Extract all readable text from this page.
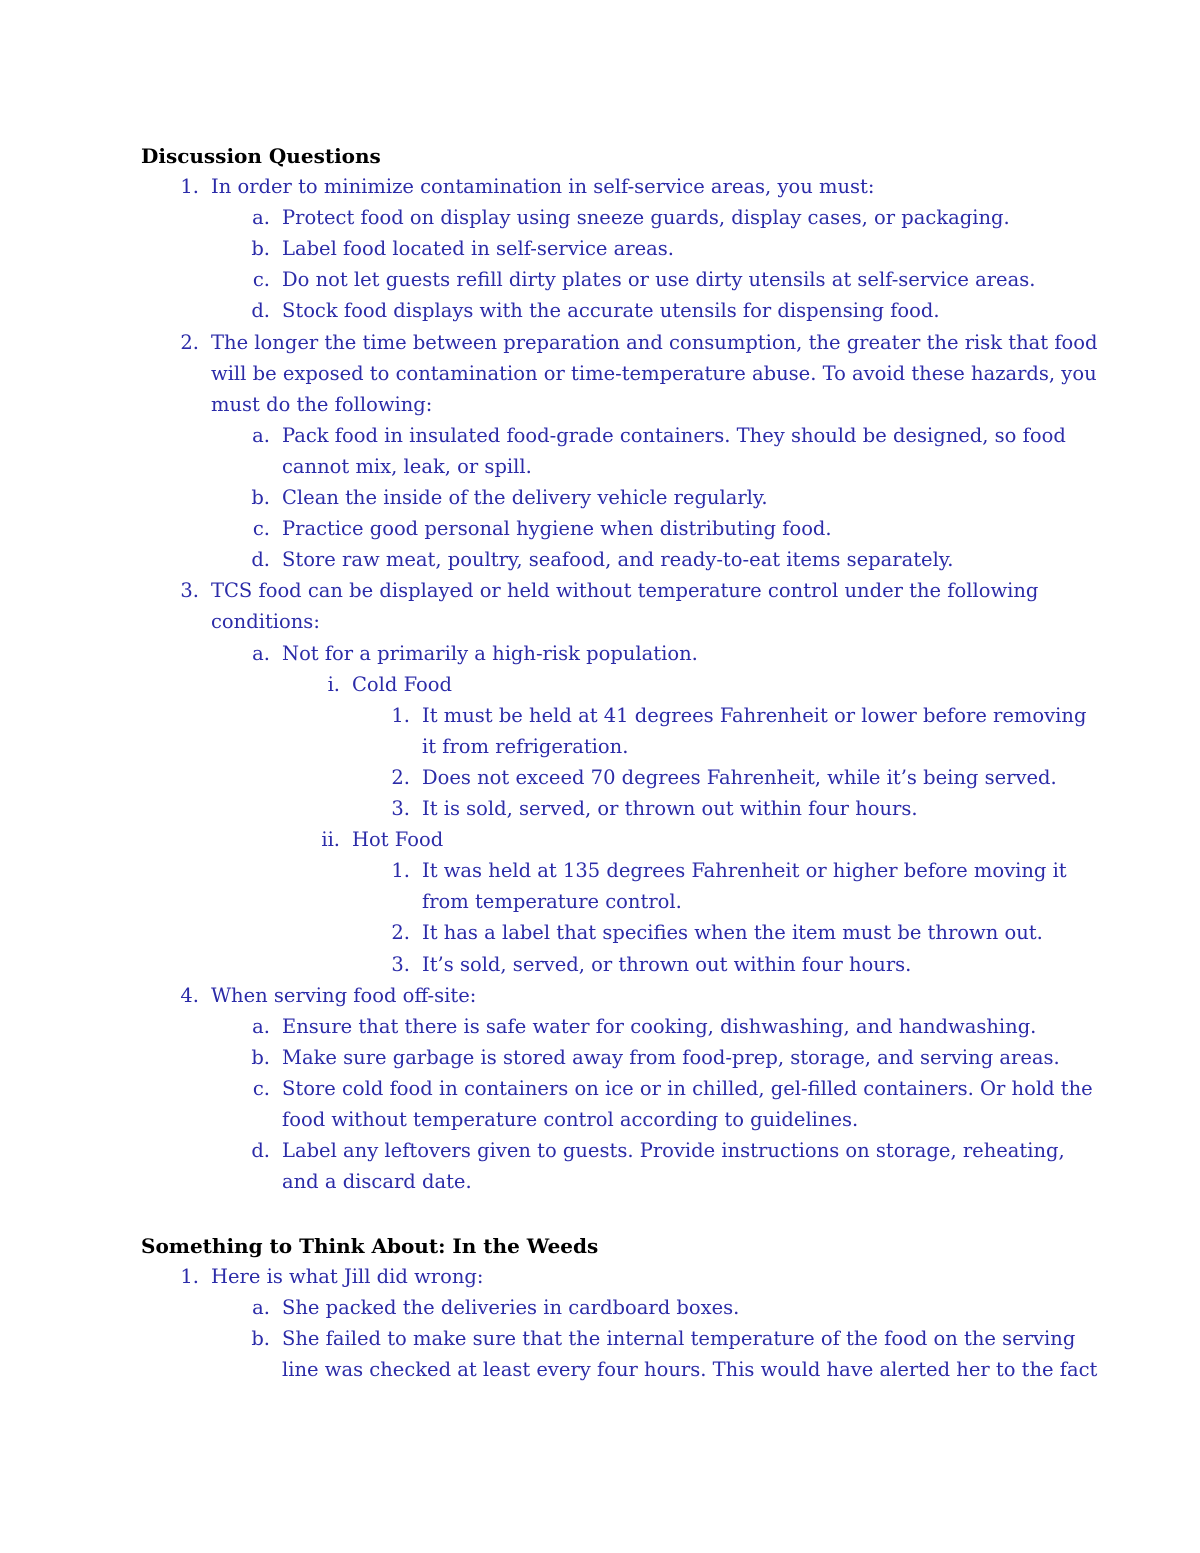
Discussion Questions
1. In order to minimize contamination in self-service areas, you must:
a. Protect food on display using sneeze guards, display cases, or packaging.
b. Label food located in self-service areas.
c. Do not let guests refill dirty plates or use dirty utensils at self-service areas.
d. Stock food displays with the accurate utensils for dispensing food.
2. The longer the time between preparation and consumption, the greater the risk that food
will be exposed to contamination or time-temperature abuse. To avoid these hazards, you
must do the following:
a. Pack food in insulated food-grade containers. They should be designed, so food
cannot mix, leak, or spill.
b. Clean the inside of the delivery vehicle regularly.
c. Practice good personal hygiene when distributing food.
d. Store raw meat, poultry, seafood, and ready-to-eat items separately.
3. TCS food can be displayed or held without temperature control under the following
conditions:
a. Not for a primarily a high-risk population.
i. Cold Food
1. It must be held at 41 degrees Fahrenheit or lower before removing
it from refrigeration.
2. Does not exceed 70 degrees Fahrenheit, while it’s being served.
3. It is sold, served, or thrown out within four hours.
ii. Hot Food
1. It was held at 135 degrees Fahrenheit or higher before moving it
from temperature control.
2. It has a label that specifies when the item must be thrown out.
3. It’s sold, served, or thrown out within four hours.
4. When serving food off-site:
a. Ensure that there is safe water for cooking, dishwashing, and handwashing.
b. Make sure garbage is stored away from food-prep, storage, and serving areas.
c. Store cold food in containers on ice or in chilled, gel-filled containers. Or hold the
food without temperature control according to guidelines.
d. Label any leftovers given to guests. Provide instructions on storage, reheating,
and a discard date.
Something to Think About: In the Weeds
1. Here is what Jill did wrong:
a. She packed the deliveries in cardboard boxes.
b. She failed to make sure that the internal temperature of the food on the serving
line was checked at least every four hours. This would have alerted her to the fact
